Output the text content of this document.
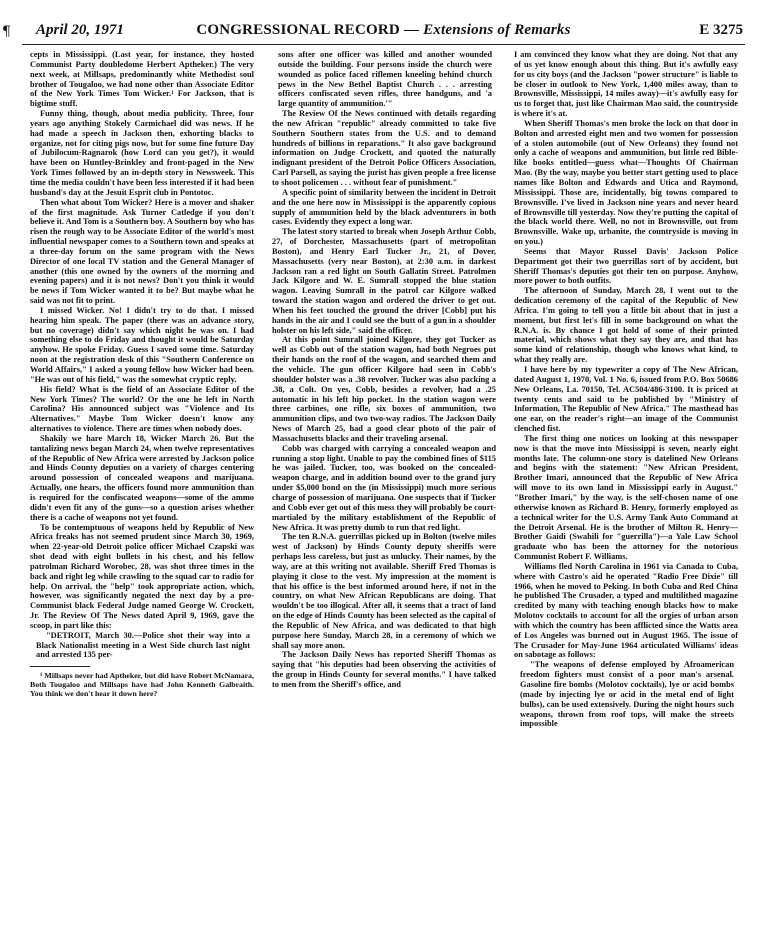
¶ April 20, 1971	CONGRESSIONAL RECORD — Extensions of Remarks	E 3275

cepts in Mississippi. (Last year, for instance, they hosted Communist Party doubledome Herbert Aptheker.) The very next week, at Millsaps, predominantly white Methodist soul brother of Tougaloo, we had none other than Associate Editor of the New York Times Tom Wicker.¹ For Jackson, that is bigtime stuff.

Funny thing, though, about media publicity. Three, four years ago anything Stokely Carmichael did was news. If he had made a speech in Jackson then, exhorting blacks to organize, not for citing pigs now, but for some fine future Day of Jubilocum-Ragnarok (how Lord can you get?), it would have been on Huntley-Brinkley and front-paged in the New York Times followed by an in-depth story in Newsweek. This time the media couldn't have been less interested if it had been husband's day at the Jesuit Esprit club in Pontotoc.

Then what about Tom Wicker? Here is a mover and shaker of the first magnitude. Ask Turner Catledge if you don't believe it. And Tom is a Southern boy. A Southern boy who has risen the rough way to be Associate Editor of the world's most influential newspaper comes to a Southern town and speaks at a three-day forum on the same program with the News Director of one local TV station and the General Manager of another (this one owned by the owners of the morning and evening papers) and it is not news? Don't you think it would be news if Tom Wicker wanted it to be? But maybe what he said was not fit to print.

I missed Wicker. No! I didn't try to do that. I missed hearing him speak. The paper (there was an advance story, but no coverage) didn't say which night he was on. I had something else to do Friday and thought it would be Saturday anyhow. He spoke Friday. Guess I saved some time. Saturday noon at the registration desk of this "Southern Conference on World Affairs," I asked a young fellow how Wicker had been. "He was out of his field," was the somewhat cryptic reply.

His field? What is the field of an Associate Editor of the New York Times? The world? Or the one he left in North Carolina? His announced subject was "Violence and Its Alternatives." Maybe Tom Wicker doesn't know any alternatives to violence. There are times when nobody does.

Shakily we hare March 18, Wicker March 26. But the tantalizing news began March 24, when twelve representatives of the Republic of New Africa were arrested by Jackson police and Hinds County deputies on a variety of charges centering around possession of concealed weapons and marijuana. Actually, one hears, the officers found more ammunition than is required for the confiscated weapons—some of the ammo didn't even fit any of the guns—so a question arises whether there is a cache of weapons not yet found.

To be contemptuous of weapons held by Republic of New Africa freaks has not seemed prudent since March 30, 1969, when 22-year-old Detroit police officer Michael Czapski was shot dead with eight bullets in his chest, and his fellow patrolman Richard Worobec, 28, was shot three times in the back and right leg while crawling to the squad car to radio for help. On arrival, the "help" took appropriate action, which, however, was significantly negated the next day by a pro-Communist black Federal Judge named George W. Crockett, Jr. The Review Of The News dated April 9, 1969, gave the scoop, in part like this:

"DETROIT, March 30.—Police shot their way into a Black Nationalist meeting in a West Side church last night and arrested 135 per-

¹ Millsaps never had Aptheker, but did have Robert McNamara, Both Tougaloo and Millsaps have had John Kenneth Galbraith. You think we don't hear it down here?

sons after one officer was killed and another wounded outside the building. Four persons inside the church were wounded as police faced riflemen kneeling behind church pews in the New Bethel Baptist Church . . . arresting officers confiscated seven rifles, three handguns, and 'a large quantity of ammunition.'"

The Review Of the News continued with details regarding the new African "republic" already committed to take five Southern Southern states from the U.S. and to demand hundreds of billions in reparations." It also gave background information on Judge Crockett, and quoted the naturally indignant president of the Detroit Police Officers Association, Carl Parsell, as saying the jurist has given people a free license to shoot policemen . . . without fear of punishment."

A specific point of similarity between the incident in Detroit and the one here now in Mississippi is the apparently copious supply of ammunition held by the black adventurers in both cases. Evidently they expect a long war.

The latest story started to break when Joseph Arthur Cobb, 27, of Dorchester, Massachusetts (part of metropolitan Boston), and Henry Earl Tucker Jr., 21, of Dover, Massachusetts (very near Boston), at 2:30 a.m. in darkest Jackson ran a red light on South Gallatin Street. Patrolmen Jack Kilgore and W. E. Sumrall stopped the blue station wagon. Leaving Sumrall in the patrol car Kilgore walked toward the station wagon and ordered the driver to get out. When his feet touched the ground the driver [Cobb] put his hands in the air and I could see the butt of a gun in a shoulder holster on his left side," said the officer.

At this point Sumrall joined Kilgore, they got Tucker as well as Cobb out of the station wagon, had both Negroes put their hands on the roof of the wagon, and searched them and the vehicle. The gun officer Kilgore had seen in Cobb's shoulder holster was a .38 revolver. Tucker was also packing a .38, a Colt. On yes, Cobb, besides a revolver, had a .25 automatic in his left hip pocket. In the station wagon were three carbines, one rifle, six boxes of ammunition, two ammunition clips, and two two-way radios. The Jackson Daily News of March 25, had a good clear photo of the pair of Massachusetts blacks and their traveling arsenal.

Cobb was charged with carrying a concealed weapon and running a stop light. Unable to pay the combined fines of $115 he was jailed. Tucker, too, was booked on the concealed-weapon charge, and in addition bound over to the grand jury under $5,000 bond on the (in Mississippi) much more serious charge of possession of marijuana. One suspects that if Tucker and Cobb ever get out of this mess they will probably be court-martialed by the military establishment of the Republic of New Africa. It was pretty dumb to run that red light.

The ten R.N.A. guerrillas picked up in Bolton (twelve miles west of Jackson) by Hinds County deputy sheriffs were perhaps less careless, but just as unlucky. Their names, by the way, are at this writing not available. Sheriff Fred Thomas is playing it close to the vest. My impression at the moment is that his office is the best informed around here, if not in the country, on what New African Republicans are doing. That wouldn't be too illogical. After all, it seems that a tract of land on the edge of Hinds County has been selected as the capital of the Republic of New Africa, and was dedicated to that high purpose here Sunday, March 28, in a ceremony of which we shall say more anon.

The Jackson Daily News has reported Sheriff Thomas as saying that "his deputies had been observing the activities of the group in Hinds County for several months." I have talked to men from the Sheriff's office, and

I am convinced they know what they are doing. Not that any of us yet know enough about this thing. But it's awfully easy for us city boys (and the Jackson "power structure" is liable to be closer in outlook to New York, 1,400 miles away, than to Brownsville, Mississippi, 14 miles away)—it's awfully easy for us to forget that, just like Chairman Mao said, the countryside is where it's at.

When Sheriff Thomas's men broke the lock on that door in Bolton and arrested eight men and two women for possession of a stolen automobile (out of New Orleans) they found not only a cache of weapons and ammunition, but little red Bible-like books entitled—guess what—Thoughts Of Chairman Mao. (By the way, maybe you better start getting used to place names like Bolton and Edwards and Utica and Raymond, Mississippi. Those are, incidentally, big towns compared to Brownsville. I've lived in Jackson nine years and never heard of Brownsville till yesterday. Now they're putting the capital of the black world there. Well, no not in Brownsville, out from Brownsville. Wake up, urbanite, the countryside is moving in on you.)

Seems that Mayor Russel Davis' Jackson Police Department got their two guerrillas sort of by accident, but Sheriff Thomas's deputies got their ten on purpose. Anyhow, more power to both outfits.

The afternoon of Sunday, March 28, I went out to the dedication ceremony of the capital of the Republic of New Africa. I'm going to tell you a little bit about that in just a moment, but first let's fill in some background on what the R.N.A. is. By chance I got hold of some of their printed material, which shows what they say they are, and that has some kind of relationship, though who knows what kind, to what they really are.

I have here by my typewriter a copy of The New African, dated August 1, 1970, Vol. 1 No. 6, issued from P.O. Box 50686 New Orleans, La. 70150, Tel. AC504/486-3100. It is priced at twenty cents and said to be published by "Ministry of Information, The Republic of New Africa." The masthead has one ear, on the reader's right—an image of the Communist clenched fist.

The first thing one notices on looking at this newspaper now is that the move into Mississippi is seven, nearly eight months late. The column-one story is datelined New Orleans and begins with the statement: "New African President, Brother Imari, announced that the Republic of New Africa will move to its own land in Mississippi early in August." "Brother Imari," by the way, is the self-chosen name of one otherwise known as Richard B. Henry, formerly employed as a technical writer for the U.S. Army Tank Auto Command at the Detroit Arsenal. He is the brother of Milton R. Henry—Brother Gaidi (Swahili for "guerrilla")—a Yale Law School graduate who has been the attorney for the notorious Communist Robert F. Williams.

Williams fled North Carolina in 1961 via Canada to Cuba, where with Castro's aid he operated "Radio Free Dixie" till 1966, when he moved to Peking. In both Cuba and Red China he published The Crusader, a typed and multilithed magazine credited by many with teaching enough blacks how to make Molotov cocktails to account for all the orgies of urban arson with which the country has been afflicted since the Watts area of Los Angeles was burned out in August 1965. The issue of The Crusader for May-June 1964 articulated Williams' ideas on sabotage as follows:

"The weapons of defense employed by Afroamerican freedom fighters must consist of a poor man's arsenal. Gasoline fire bombs (Molotov cocktails), lye or acid bombs (made by injecting lye or acid in the metal end of light bulbs), can be used extensively. During the night hours such weapons, thrown from roof tops, will make the streets impossible
